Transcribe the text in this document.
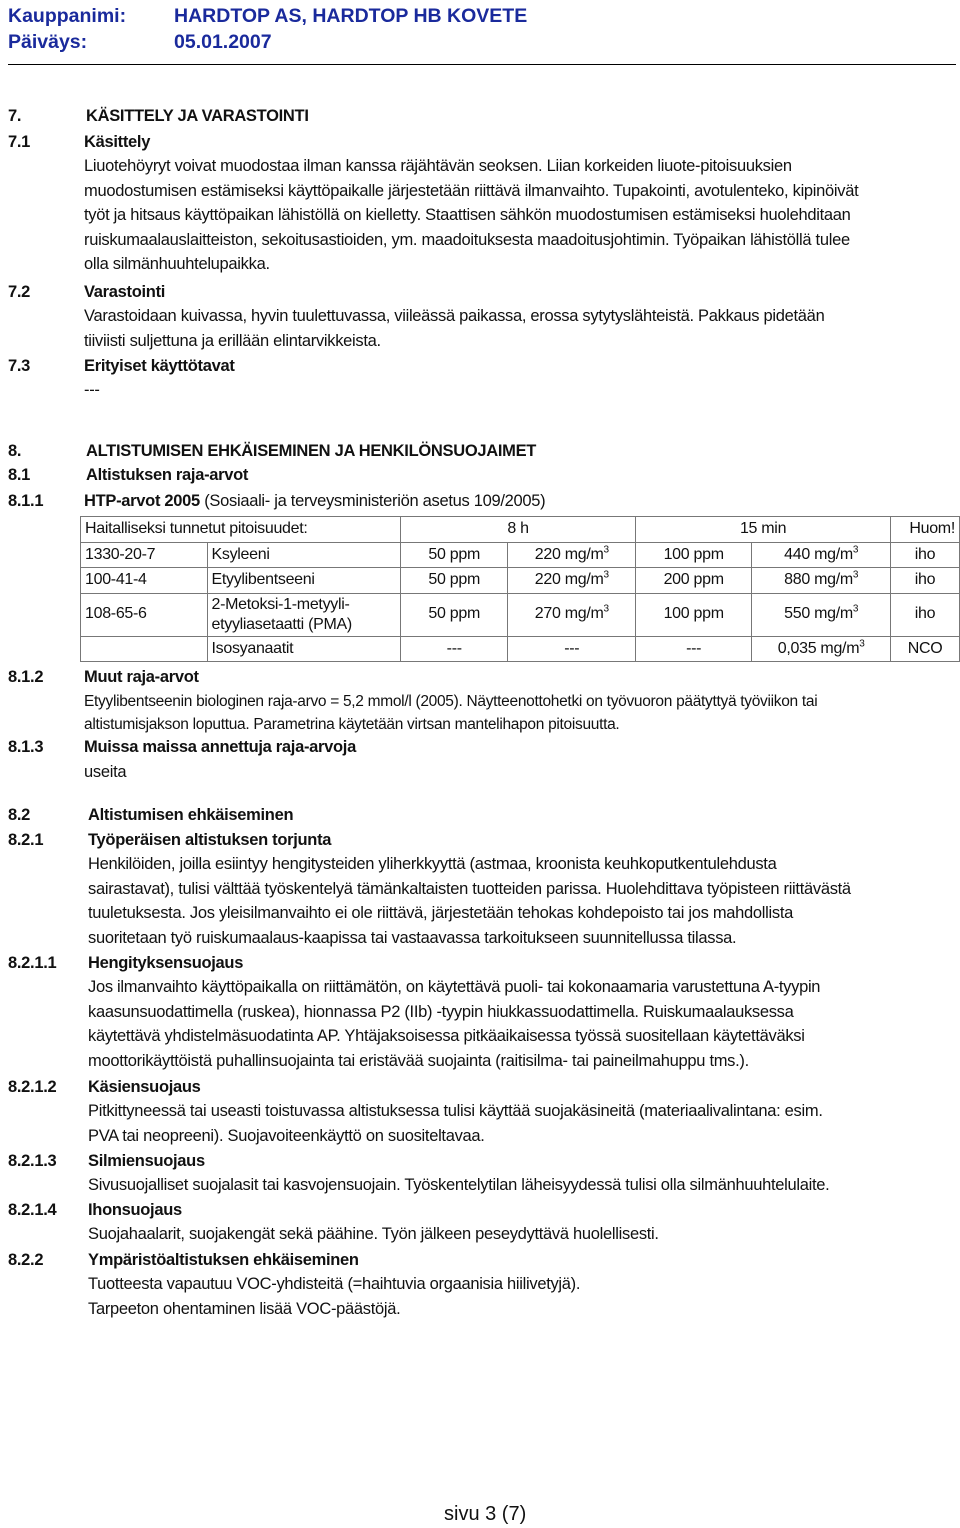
Kauppanimi: HARDTOP AS, HARDTOP HB KOVETE
Päiväys:	05.01.2007
7.	KÄSITTELY JA VARASTOINTI
7.1	Käsittely
Liuotehöyryt voivat muodostaa ilman kanssa räjähtävän seoksen. Liian korkeiden liuote-pitoisuuksien
muodostumisen estämiseksi käyttöpaikalle järjestetään riittävä ilmanvaihto. Tupakointi, avotulenteko, kipinöivät
työt ja hitsaus käyttöpaikan lähistöllä on kielletty. Staattisen sähkön muodostumisen estämiseksi huolehditaan
ruiskumaalauslaitteiston, sekoitusastioiden, ym. maadoituksesta maadoitusjohtimin. Työpaikan lähistöllä tulee
olla silmänhuuhtelupaikka.
7.2	Varastointi
Varastoidaan kuivassa, hyvin tuulettuvassa, viileässä paikassa, erossa sytytyslähteistä. Pakkaus pidetään
tiiviisti suljettuna ja erillään elintarvikkeista.
7.3	Erityiset käyttötavat
---
8.	ALTISTUMISEN EHKÄISEMINEN JA HENKILÖNSUOJAIMET
8.1	Altistuksen raja-arvot
8.1.1 HTP-arvot 2005 (Sosiaali- ja terveysministeriön asetus 109/2005)
Haitalliseksi tunnetut pitoisuudet:		8 h		15 min		Huom!
1330-20-7	Ksyleeni	50 ppm	220 $mg/m^3$	100 ppm	440 $mg/m^3$	iho
100-41-4	Etyylibentseeni	50 ppm	220 $mg/m^3$	200 ppm	880 $mg/m^3$	iho
108-65-6	2-Metoksi-1-metyyli-
etyyliasetaatti (PMA)	50 ppm	270 $mg/m^3$	100 ppm	550 $mg/m^3$	iho
	Isosyanaatit	---	---	---	0,035 $mg/m^3$	NCO
8.1.2 Muut raja-arvot
Etyylibentseenin biologinen raja-arvo = 5,2 mmol/l (2005). Näytteenottohetki on työvuoron päätyttyä työviikon tai
altistumisjakson loputtua. Parametrina käytetään virtsan mantelihapon pitoisuutta.
8.1.3 Muissa maissa annettuja raja-arvoja
useita
8.2	Altistumisen ehkäiseminen
8.2.1	Työperäisen altistuksen torjunta
Henkilöiden, joilla esiintyy hengitysteiden yliherkkyyttä (astmaa, kroonista keuhkoputkentulehdusta
sairastavat), tulisi välttää työskentelyä tämänkaltaisten tuotteiden parissa. Huolehdittava työpisteen riittävästä
tuuletuksesta. Jos yleisilmanvaihto ei ole riittävä, järjestetään tehokas kohdepoisto tai jos mahdollista
suoritetaan työ ruiskumaalaus-kaapissa tai vastaavassa tarkoitukseen suunnitellussa tilassa.
8.2.1.1 Hengityksensuojaus
Jos ilmanvaihto käyttöpaikalla on riittämätön, on käytettävä puoli- tai kokonaamaria varustettuna A-tyypin
kaasunsuodattimella (ruskea), hionnassa P2 (IIb) -tyypin hiukkassuodattimella. Ruiskumaalauksessa
käytettävä yhdistelmäsuodatinta AP. Yhtäjaksoisessa pitkäaikaisessa työssä suositellaan käytettäväksi
moottorikäyttöistä puhallinsuojainta tai eristävää suojainta (raitisilma- tai paineilmahuppu tms.).
8.2.1.2 Käsiensuojaus
Pitkittyneessä tai useasti toistuvassa altistuksessa tulisi käyttää suojakäsineitä (materiaalivalintana: esim.
PVA tai neopreeni). Suojavoiteenkäyttö on suositeltavaa.
8.2.1.3 Silmiensuojaus
Sivusuojalliset suojalasit tai kasvojensuojain. Työskentelytilan läheisyydessä tulisi olla silmänhuuhtelulaite.
8.2.1.4 Ihonsuojaus
Suojahaalarit, suojakengät sekä päähine. Työn jälkeen peseydyttävä huolellisesti.
8.2.2	Ympäristöaltistuksen ehkäiseminen
Tuotteesta vapautuu VOC-yhdisteitä (=haihtuvia orgaanisia hiilivetyjä).
Tarpeeton ohentaminen lisää VOC-päästöjä.
sivu 3 (7)
